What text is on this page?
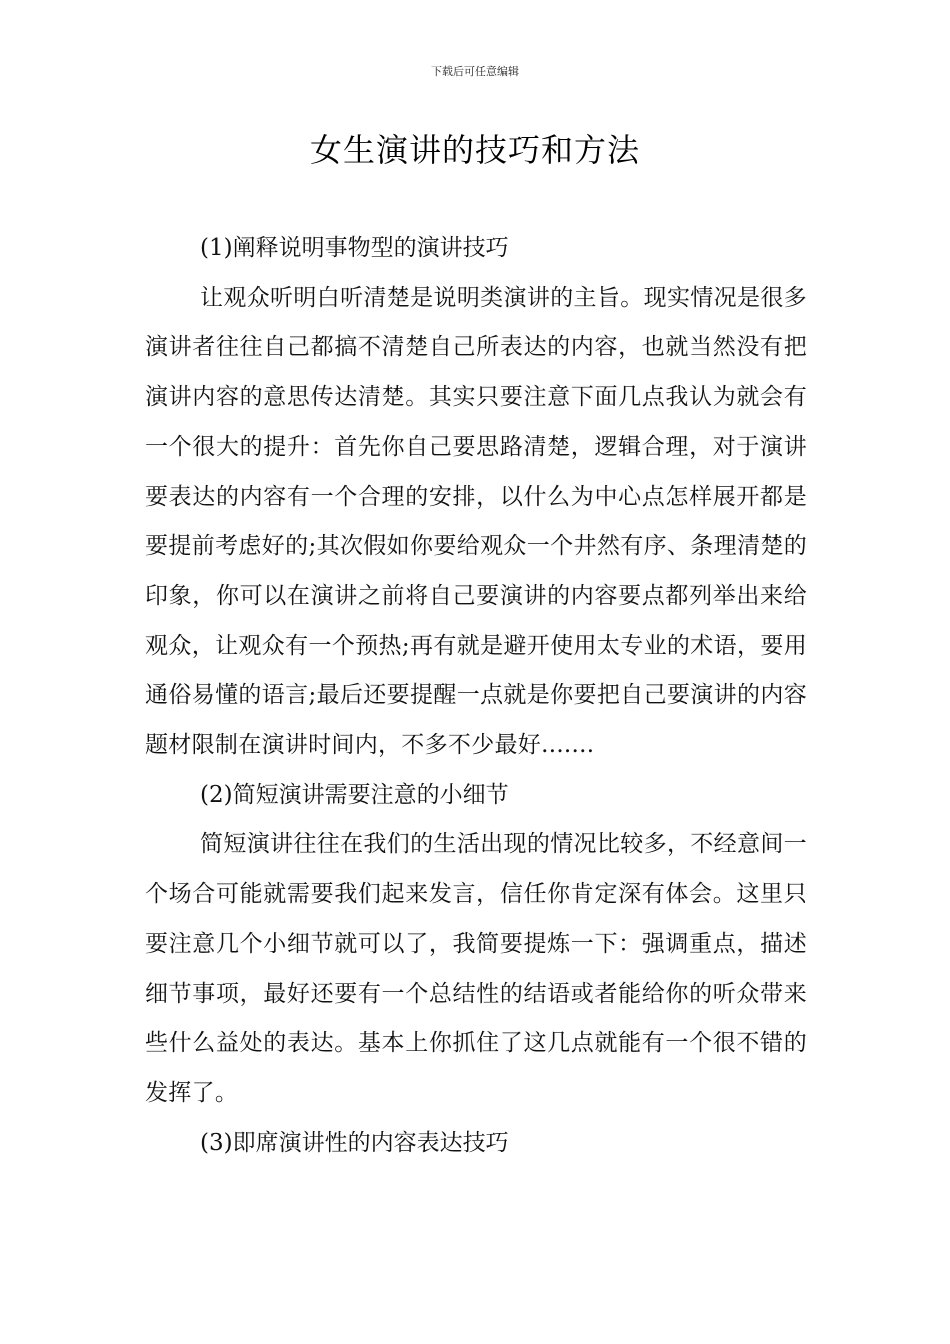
下载后可任意编辑
女生演讲的技巧和方法

(1)阐释说明事物型的演讲技巧

让观众听明白听清楚是说明类演讲的主旨。现实情况是很多演讲者往往自己都搞不清楚自己所表达的内容，也就当然没有把演讲内容的意思传达清楚。其实只要注意下面几点我认为就会有一个很大的提升：首先你自己要思路清楚，逻辑合理，对于演讲要表达的内容有一个合理的安排，以什么为中心点怎样展开都是要提前考虑好的;其次假如你要给观众一个井然有序、条理清楚的印象，你可以在演讲之前将自己要演讲的内容要点都列举出来给观众，让观众有一个预热;再有就是避开使用太专业的术语，要用通俗易懂的语言;最后还要提醒一点就是你要把自己要演讲的内容题材限制在演讲时间内，不多不少最好.......

(2)简短演讲需要注意的小细节

简短演讲往往在我们的生活出现的情况比较多，不经意间一个场合可能就需要我们起来发言，信任你肯定深有体会。这里只要注意几个小细节就可以了，我简要提炼一下：强调重点，描述细节事项，最好还要有一个总结性的结语或者能给你的听众带来些什么益处的表达。基本上你抓住了这几点就能有一个很不错的发挥了。

(3)即席演讲性的内容表达技巧
